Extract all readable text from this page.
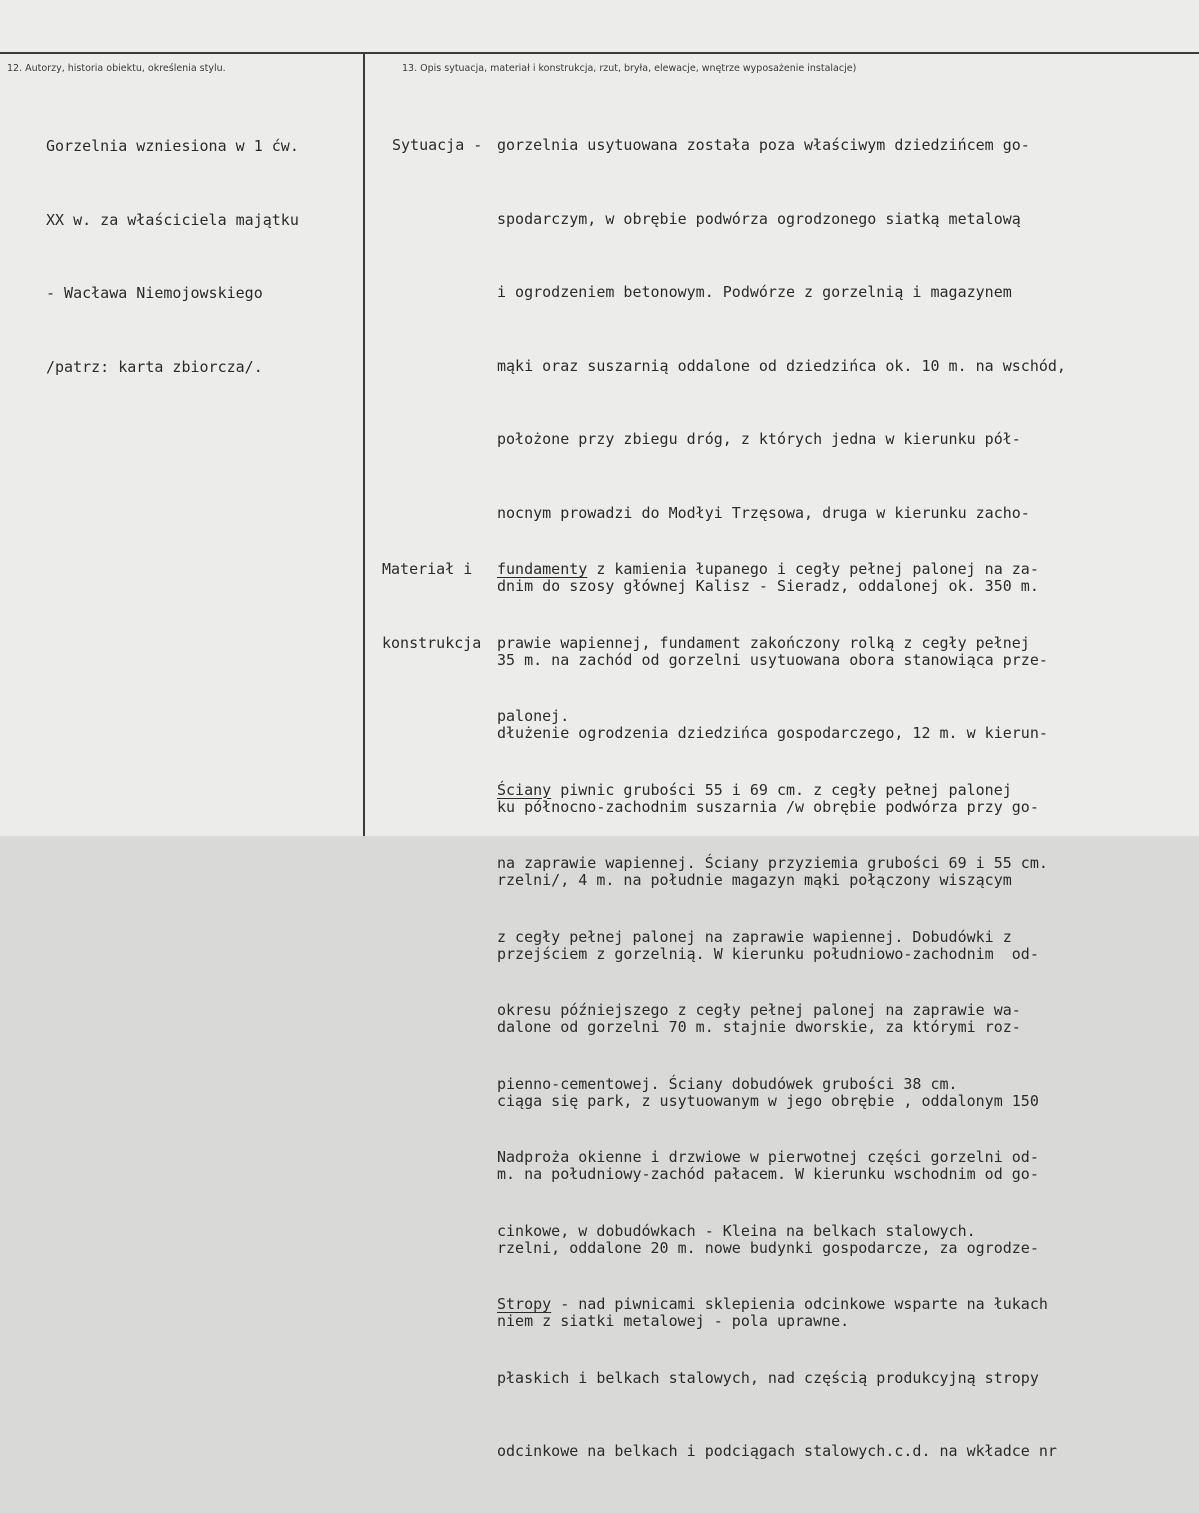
12. Autorzy, historia obiektu, określenia stylu.	13. Opis sytuacja, materiał i konstrukcja, rzut, bryła, elewacje, wnętrze wyposażenie instalacje)

Gorzelnia wzniesiona w 1 ćw.

XX w. za właściciela majątku

- Wacława Niemojowskiego

/patrz: karta zbiorcza/.

Sytuacja -

gorzelnia usytuowana została poza właściwym dziedzińcem go-

spodarczym, w obrębie podwórza ogrodzonego siatką metalową

i ogrodzeniem betonowym. Podwórze z gorzelnią i magazynem

mąki oraz suszarnią oddalone od dziedzińca ok. 10 m. na wschód,

położone przy zbiegu dróg, z których jedna w kierunku pół-

nocnym prowadzi do Modłyi Trzęsowa, druga w kierunku zacho-

dnim do szosy głównej Kalisz - Sieradz, oddalonej ok. 350 m.

35 m. na zachód od gorzelni usytuowana obora stanowiąca prze-

dłużenie ogrodzenia dziedzińca gospodarczego, 12 m. w kierun-

ku północno-zachodnim suszarnia /w obrębie podwórza przy go-

rzelni/, 4 m. na południe magazyn mąki połączony wiszącym

przejściem z gorzelnią. W kierunku południowo-zachodnim  od-

dalone od gorzelni 70 m. stajnie dworskie, za którymi roz-

ciąga się park, z usytuowanym w jego obrębie , oddalonym 150

m. na południowy-zachód pałacem. W kierunku wschodnim od go-

rzelni, oddalone 20 m. nowe budynki gospodarcze, za ogrodze-

niem z siatki metalowej - pola uprawne.

Materiał i

konstrukcja

fundamenty z kamienia łupanego i cegły pełnej palonej na za-

prawie wapiennej, fundament zakończony rolką z cegły pełnej

palonej.

Ściany piwnic grubości 55 i 69 cm. z cegły pełnej palonej

na zaprawie wapiennej. Ściany przyziemia grubości 69 i 55 cm.

z cegły pełnej palonej na zaprawie wapiennej. Dobudówki z

okresu późniejszego z cegły pełnej palonej na zaprawie wa-

pienno-cementowej. Ściany dobudówek grubości 38 cm.

Nadproża okienne i drzwiowe w pierwotnej części gorzelni od-

cinkowe, w dobudówkach - Kleina na belkach stalowych.

Stropy - nad piwnicami sklepienia odcinkowe wsparte na łukach

płaskich i belkach stalowych, nad częścią produkcyjną stropy

odcinkowe na belkach i podciągach stalowych.c.d. na wkładce nr
